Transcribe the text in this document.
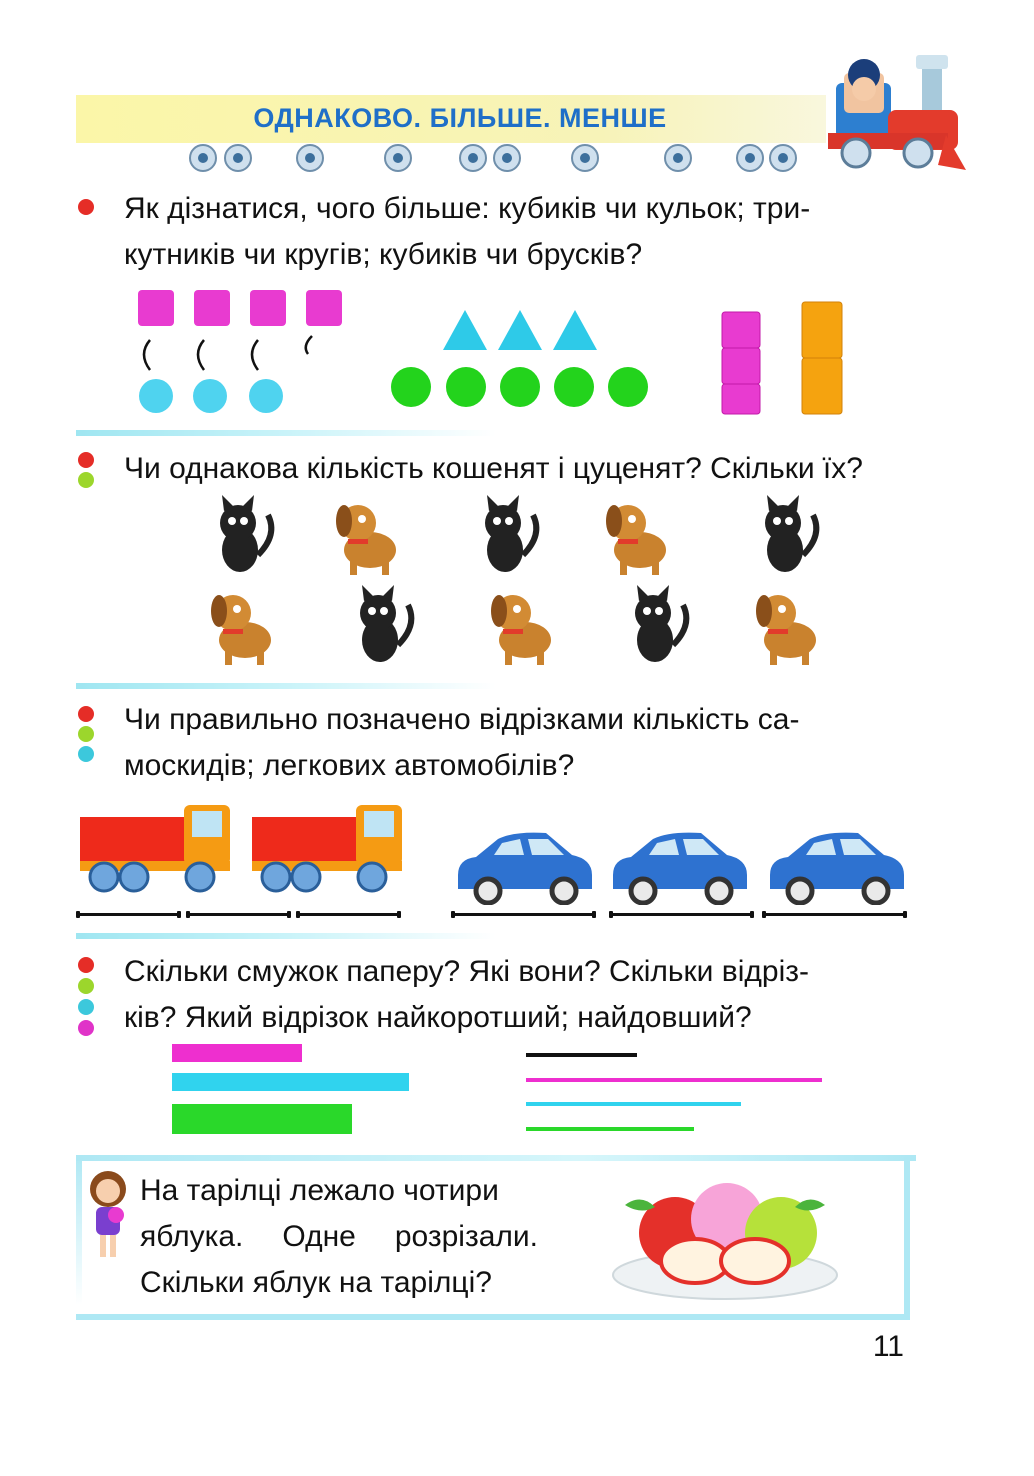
ОДНАКОВО. БІЛЬШЕ. МЕНШЕ
Як дізнатися, чого більше: кубиків чи кульок; три-
кутників чи кругів; кубиків чи брусків?
Чи однакова кількість кошенят і цуценят? Скільки їх?
Чи правильно позначено відрізками кількість са-
москидів; легкових автомобілів?
Скільки смужок паперу? Які вони? Скільки відріз-
ків? Який відрізок найкоротший; найдовший?
На тарілці лежало чотири
яблука. Одне розрізали.
Скільки яблук на тарілці?
11
